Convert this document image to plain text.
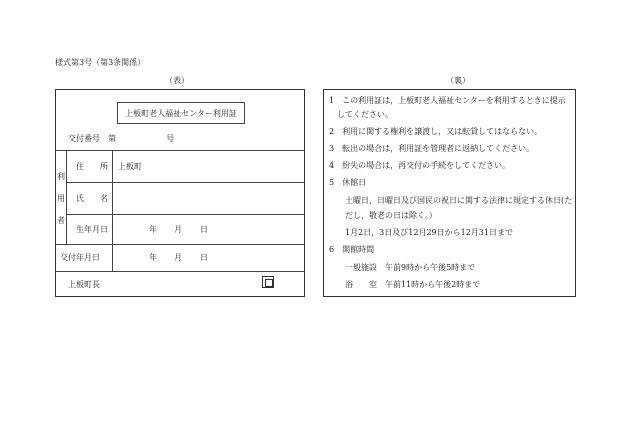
様式第3号（第3条関係）
（表）	（裏）
上板町老人福祉センター利用証
交付番号 第	号
利
用
者
住　　所 上板町
氏　　名
生年月日	年 月 日
交付年月日	年 月 日
上板町長
1　この利用証は，上板町老人福祉センターを利用するときに提示
　してください。
2　利用に関する権利を譲渡し，又は転貸してはならない。
3　転出の場合は，利用証を管理者に返納してください。
4　紛失の場合は，再交付の手続をしてください。
5　休館日
　　土曜日，日曜日及び国民の祝日に関する法律に規定する休日(た
　　だし，敬老の日は除く。）
　　1月2日，3日及び12月29日から12月31日まで
6　開館時間
　　一般施設　午前9時から午後5時まで
　　浴　　室　午前11時から午後2時まで
